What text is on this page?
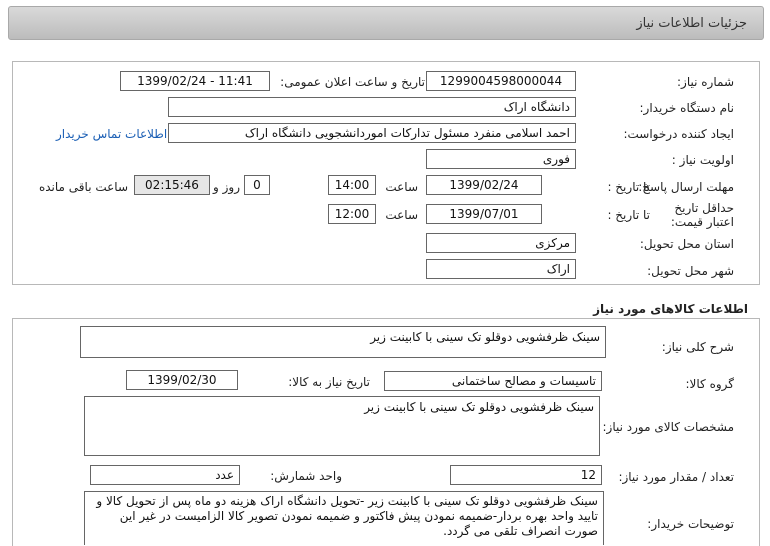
جزئیات اطلاعات نیاز
شماره نیاز:
1299004598000044
تاریخ و ساعت اعلان عمومی:
1399/02/24 - 11:41
نام دستگاه خریدار:
دانشگاه اراک
ایجاد کننده درخواست:
احمد اسلامی منفرد مسئول تداركات اموردانشجویی دانشگاه اراک
اطلاعات تماس خریدار
اولویت نیاز :
فوری
مهلت ارسال پاسخ:
تا تاریخ :
1399/02/24
ساعت
14:00
0
روز و
02:15:46
ساعت باقی مانده
حداقل تاریخ اعتبار قیمت:
تا تاریخ :
1399/07/01
ساعت
12:00
استان محل تحویل:
مرکزی
شهر محل تحویل:
اراک
اطلاعات کالاهای مورد نیاز
شرح کلی نیاز:
سینک ظرفشویی دوقلو تک سینی با کابینت زیر
گروه کالا:
تاسیسات و مصالح ساختمانی
تاریخ نیاز به کالا:
1399/02/30
مشخصات کالای مورد نیاز:
سینک ظرفشویی دوقلو تک سینی با کابینت زیر
تعداد / مقدار مورد نیاز:
12
واحد شمارش:
عدد
توضیحات خریدار:
سینک ظرفشویی دوقلو تک سینی با کابینت زیر -تحویل دانشگاه اراک هزینه دو ماه پس از تحویل کالا و تایید واحد بهره بردار-ضمیمه نمودن پیش فاکتور و ضمیمه نمودن تصویر کالا الزامیست در غیر این صورت انصراف تلقی می گردد.
